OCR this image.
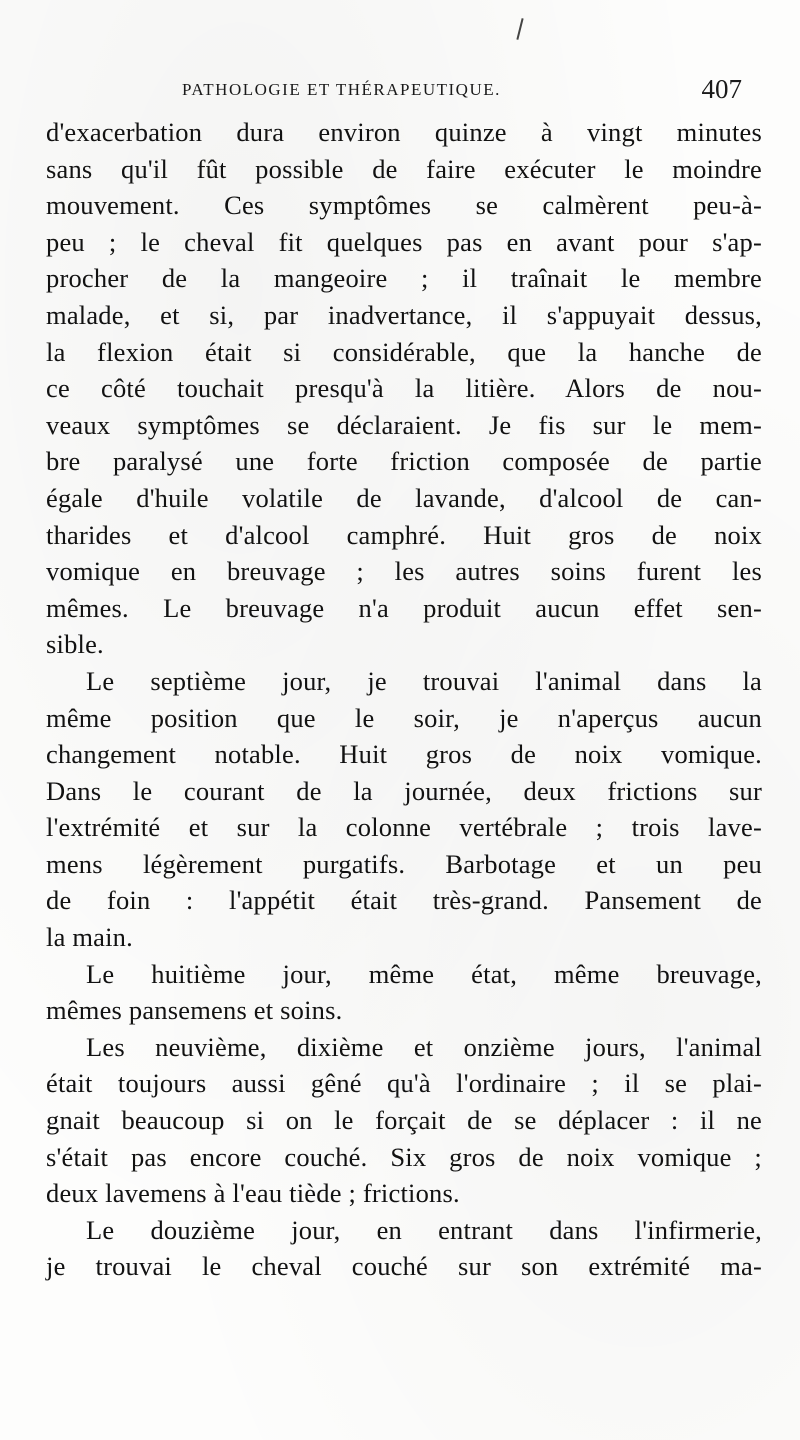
PATHOLOGIE ET THÉRAPEUTIQUE.	407
d'exacerbation dura environ quinze à vingt minutes
sans qu'il fût possible de faire exécuter le moindre
mouvement. Ces symptômes se calmèrent peu-à-
peu ; le cheval fit quelques pas en avant pour s'ap-
procher de la mangeoire ; il traînait le membre
malade, et si, par inadvertance, il s'appuyait dessus,
la flexion était si considérable, que la hanche de
ce côté touchait presqu'à la litière. Alors de nou-
veaux symptômes se déclaraient. Je fis sur le mem-
bre paralysé une forte friction composée de partie
égale d'huile volatile de lavande, d'alcool de can-
tharides et d'alcool camphré. Huit gros de noix
vomique en breuvage ; les autres soins furent les
mêmes. Le breuvage n'a produit aucun effet sen-
sible.
Le septième jour, je trouvai l'animal dans la
même position que le soir, je n'aperçus aucun
changement notable. Huit gros de noix vomique.
Dans le courant de la journée, deux frictions sur
l'extrémité et sur la colonne vertébrale ; trois lave-
mens légèrement purgatifs. Barbotage et un peu
de foin : l'appétit était très-grand. Pansement de
la main.
Le huitième jour, même état, même breuvage,
mêmes pansemens et soins.
Les neuvième, dixième et onzième jours, l'animal
était toujours aussi gêné qu'à l'ordinaire ; il se plai-
gnait beaucoup si on le forçait de se déplacer : il ne
s'était pas encore couché. Six gros de noix vomique ;
deux lavemens à l'eau tiède ; frictions.
Le douzième jour, en entrant dans l'infirmerie,
je trouvai le cheval couché sur son extrémité ma-
